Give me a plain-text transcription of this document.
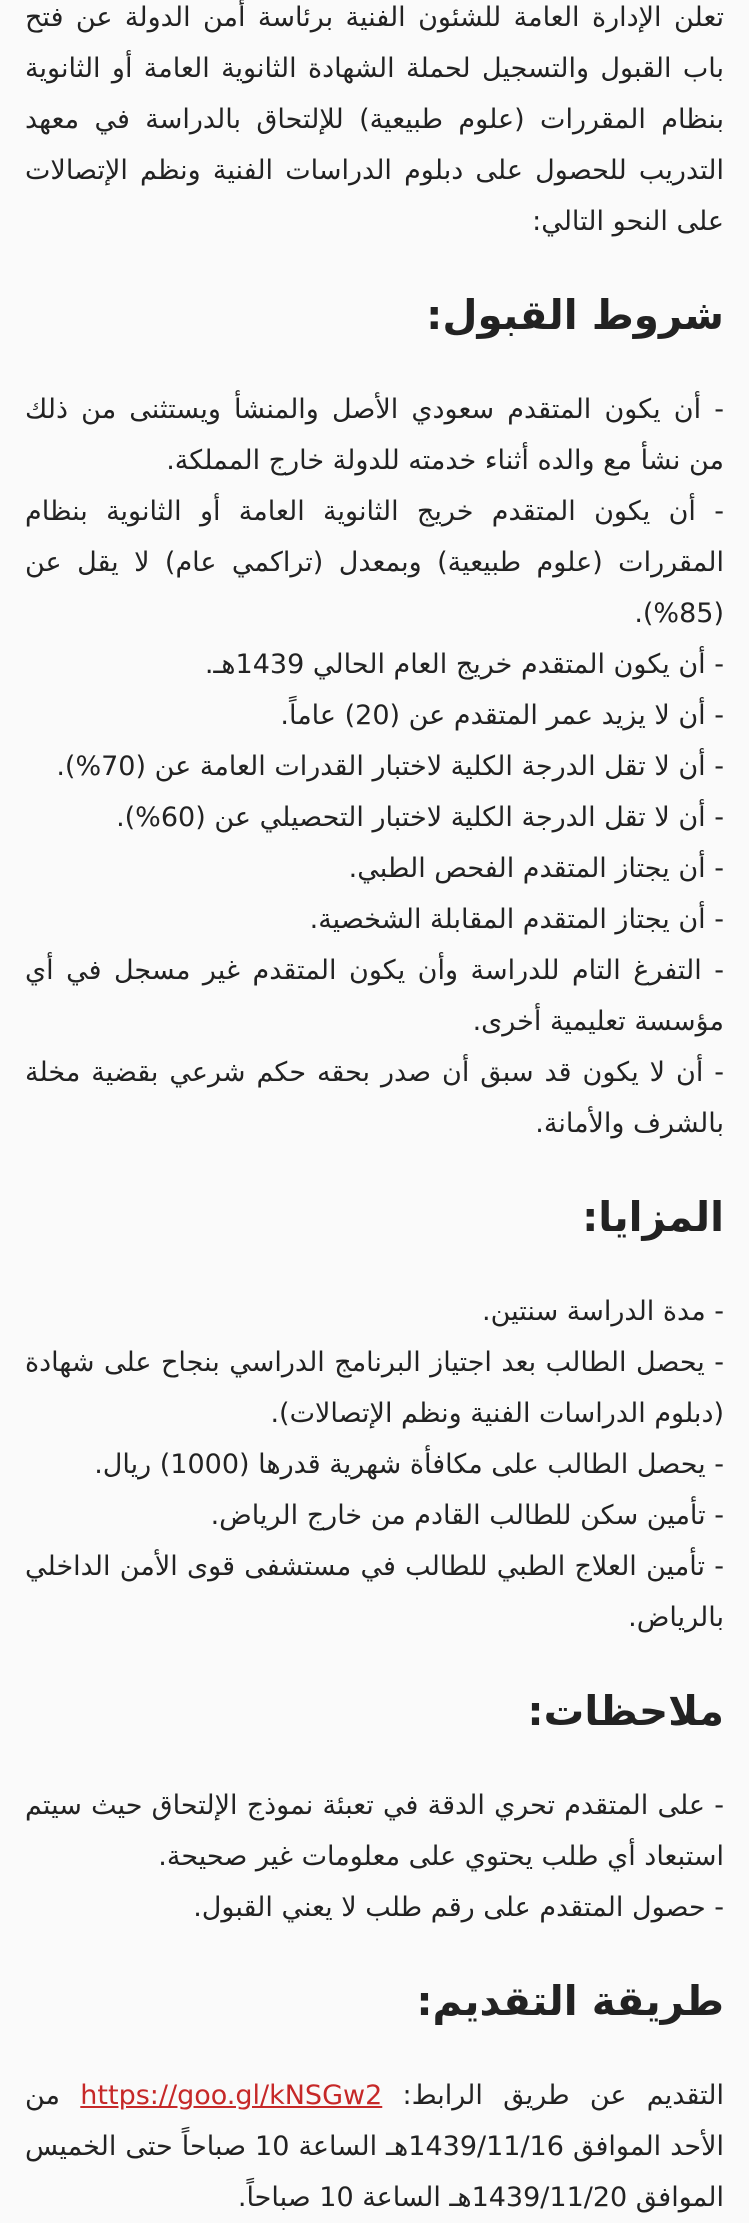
تعلن الإدارة العامة للشئون الفنية برئاسة أمن الدولة عن فتح باب القبول والتسجيل لحملة الشهادة الثانوية العامة أو الثانوية بنظام المقررات (علوم طبيعية) للإلتحاق بالدراسة في معهد التدريب للحصول على دبلوم الدراسات الفنية ونظم الإتصالات على النحو التالي:

شروط القبول:

- أن يكون المتقدم سعودي الأصل والمنشأ ويستثنى من ذلك من نشأ مع والده أثناء خدمته للدولة خارج المملكة.

- أن يكون المتقدم خريج الثانوية العامة أو الثانوية بنظام المقررات (علوم طبيعية) وبمعدل (تراكمي عام) لا يقل عن (85%).

- أن يكون المتقدم خريج العام الحالي 1439هـ.

- أن لا يزيد عمر المتقدم عن (20) عاماً.

- أن لا تقل الدرجة الكلية لاختبار القدرات العامة عن (70%).

- أن لا تقل الدرجة الكلية لاختبار التحصيلي عن (60%).

- أن يجتاز المتقدم الفحص الطبي.

- أن يجتاز المتقدم المقابلة الشخصية.

- التفرغ التام للدراسة وأن يكون المتقدم غير مسجل في أي مؤسسة تعليمية أخرى.

- أن لا يكون قد سبق أن صدر بحقه حكم شرعي بقضية مخلة بالشرف والأمانة.

المزايا:

- مدة الدراسة سنتين.

- يحصل الطالب بعد اجتياز البرنامج الدراسي بنجاح على شهادة (دبلوم الدراسات الفنية ونظم الإتصالات).

- يحصل الطالب على مكافأة شهرية قدرها (1000) ريال.

- تأمين سكن للطالب القادم من خارج الرياض.

- تأمين العلاج الطبي للطالب في مستشفى قوى الأمن الداخلي بالرياض.

ملاحظات:

- على المتقدم تحري الدقة في تعبئة نموذج الإلتحاق حيث سيتم استبعاد أي طلب يحتوي على معلومات غير صحيحة.

- حصول المتقدم على رقم طلب لا يعني القبول.

طريقة التقديم:

التقديم عن طريق الرابط: https://goo.gl/kNSGw2 من الأحد الموافق 1439/11/16هـ الساعة 10 صباحاً حتى الخميس الموافق 1439/11/20هـ الساعة 10 صباحاً.
